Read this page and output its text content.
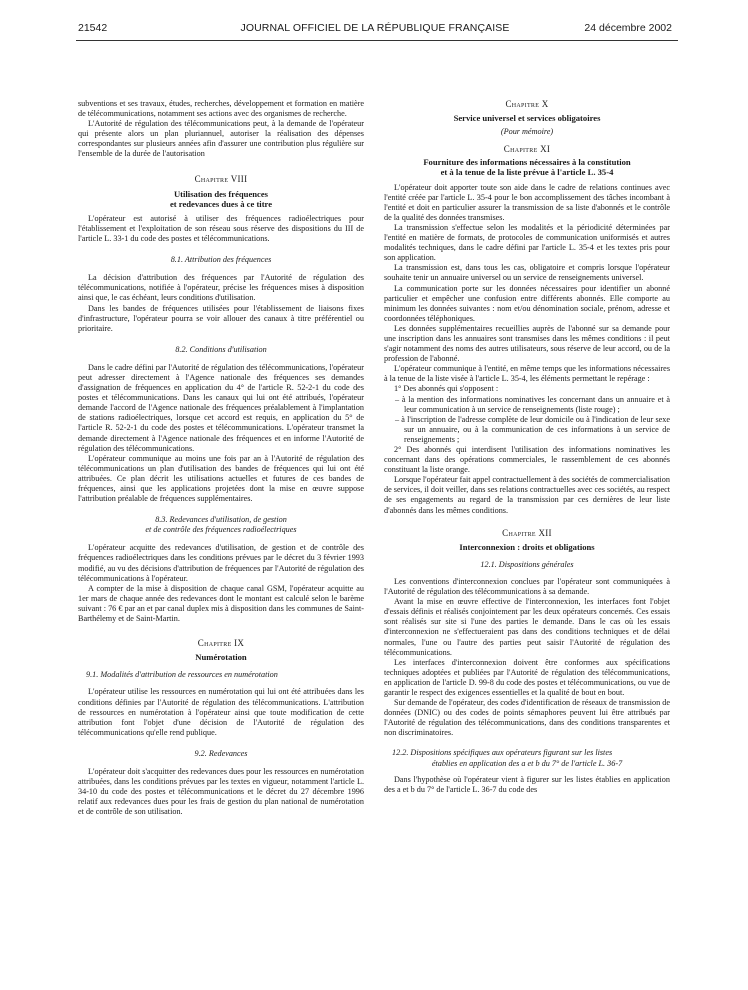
21542	JOURNAL OFFICIEL DE LA RÉPUBLIQUE FRANÇAISE	24 décembre 2002

subventions et ses travaux, études, recherches, développement et formation en matière de télécommunications, notamment ses actions avec des organismes de recherche.

L'Autorité de régulation des télécommunications peut, à la demande de l'opérateur qui présente alors un plan pluriannuel, autoriser la réalisation des dépenses correspondantes sur plusieurs années afin d'assurer une contribution plus régulière sur l'ensemble de la durée de l'autorisation

Chapitre VIII

Utilisation des fréquences

et redevances dues à ce titre

L'opérateur est autorisé à utiliser des fréquences radioélectriques pour l'établissement et l'exploitation de son réseau sous réserve des dispositions du III de l'article L. 33-1 du code des postes et télécommunications.

8.1. Attribution des fréquences

La décision d'attribution des fréquences par l'Autorité de régulation des télécommunications, notifiée à l'opérateur, précise les fréquences mises à disposition ainsi que, le cas échéant, leurs conditions d'utilisation.

Dans les bandes de fréquences utilisées pour l'établissement de liaisons fixes d'infrastructure, l'opérateur pourra se voir allouer des canaux à titre préférentiel ou prioritaire.

8.2. Conditions d'utilisation

Dans le cadre défini par l'Autorité de régulation des télécommunications, l'opérateur peut adresser directement à l'Agence nationale des fréquences ses demandes d'assignation de fréquences en application du 4° de l'article R. 52-2-1 du code des postes et télécommunications. Dans les canaux qui lui ont été attribués, l'opérateur demande l'accord de l'Agence nationale des fréquences préalablement à l'implantation de stations radioélectriques, lorsque cet accord est requis, en application du 5° de l'article R. 52-2-1 du code des postes et télécommunications. L'opérateur transmet la demande directement à l'Agence nationale des fréquences et en informe l'Autorité de régulation des télécommunications.

L'opérateur communique au moins une fois par an à l'Autorité de régulation des télécommunications un plan d'utilisation des bandes de fréquences qui lui ont été attribuées. Ce plan décrit les utilisations actuelles et futures de ces bandes de fréquences, ainsi que les applications projetées dont la mise en œuvre suppose l'attribution préalable de fréquences supplémentaires.

8.3. Redevances d'utilisation, de gestion

et de contrôle des fréquences radioélectriques

L'opérateur acquitte des redevances d'utilisation, de gestion et de contrôle des fréquences radioélectriques dans les conditions prévues par le décret du 3 février 1993 modifié, au vu des décisions d'attribution de fréquences par l'Autorité de régulation des télécommunications à l'opérateur.

A compter de la mise à disposition de chaque canal GSM, l'opérateur acquitte au 1er mars de chaque année des redevances dont le montant est calculé selon le barème suivant : 76 € par an et par canal duplex mis à disposition dans les communes de Saint-Barthélemy et de Saint-Martin.

Chapitre IX

Numérotation

9.1. Modalités d'attribution de ressources en numérotation

L'opérateur utilise les ressources en numérotation qui lui ont été attribuées dans les conditions définies par l'Autorité de régulation des télécommunications. L'attribution de ressources en numérotation à l'opérateur ainsi que toute modification de cette attribution font l'objet d'une décision de l'Autorité de régulation des télécommunications qu'elle rend publique.

9.2. Redevances

L'opérateur doit s'acquitter des redevances dues pour les ressources en numérotation attribuées, dans les conditions prévues par les textes en vigueur, notamment l'article L. 34-10 du code des postes et télécommunications et le décret du 27 décembre 1996 relatif aux redevances dues pour les frais de gestion du plan national de numérotation et de contrôle de son utilisation.

Chapitre X

Service universel et services obligatoires

(Pour mémoire)

Chapitre XI

Fourniture des informations nécessaires à la constitution

et à la tenue de la liste prévue à l'article L. 35-4

L'opérateur doit apporter toute son aide dans le cadre de relations continues avec l'entité créée par l'article L. 35-4 pour le bon accomplissement des tâches incombant à l'entité et doit en particulier assurer la transmission de sa liste d'abonnés et le contrôle de la qualité des données transmises.

La transmission s'effectue selon les modalités et la périodicité déterminées par l'entité en matière de formats, de protocoles de communication uniformisés et autres modalités techniques, dans le cadre défini par l'article L. 35-4 et les textes pris pour son application.

La transmission est, dans tous les cas, obligatoire et compris lorsque l'opérateur souhaite tenir un annuaire universel ou un service de renseignements universel.

La communication porte sur les données nécessaires pour identifier un abonné particulier et empêcher une confusion entre différents abonnés. Elle comporte au minimum les données suivantes : nom et/ou dénomination sociale, prénom, adresse et coordonnées téléphoniques.

Les données supplémentaires recueillies auprès de l'abonné sur sa demande pour une inscription dans les annuaires sont transmises dans les mêmes conditions : il peut s'agir notamment des noms des autres utilisateurs, sous réserve de leur accord, ou de la profession de l'abonné.

L'opérateur communique à l'entité, en même temps que les informations nécessaires à la tenue de la liste visée à l'article L. 35-4, les éléments permettant le repérage :

1° Des abonnés qui s'opposent :

– à la mention des informations nominatives les concernant dans un annuaire et à leur communication à un service de renseignements (liste rouge) ;

– à l'inscription de l'adresse complète de leur domicile ou à l'indication de leur sexe sur un annuaire, ou à la communication de ces informations à un service de renseignements ;

2° Des abonnés qui interdisent l'utilisation des informations nominatives les concernant dans des opérations commerciales, le rassemblement de ces abonnés constituant la liste orange.

Lorsque l'opérateur fait appel contractuellement à des sociétés de commercialisation de services, il doit veiller, dans ses relations contractuelles avec ces sociétés, au respect de ses engagements au regard de la transmission par ces dernières de leur liste d'abonnés dans les mêmes conditions.

Chapitre XII

Interconnexion : droits et obligations

12.1. Dispositions générales

Les conventions d'interconnexion conclues par l'opérateur sont communiquées à l'Autorité de régulation des télécommunications à sa demande.

Avant la mise en œuvre effective de l'interconnexion, les interfaces font l'objet d'essais définis et réalisés conjointement par les deux opérateurs concernés. Ces essais sont réalisés sur site si l'une des parties le demande. Dans le cas où les essais d'interconnexion ne s'effectueraient pas dans des conditions techniques et de délai normales, l'une ou l'autre des parties peut saisir l'Autorité de régulation des télécommunications.

Les interfaces d'interconnexion doivent être conformes aux spécifications techniques adoptées et publiées par l'Autorité de régulation des télécommunications, en application de l'article D. 99-8 du code des postes et télécommunications, ou vue de garantir le respect des exigences essentielles et la qualité de bout en bout.

Sur demande de l'opérateur, des codes d'identification de réseaux de transmission de données (DNIC) ou des codes de points sémaphores peuvent lui être attribués par l'Autorité de régulation des télécommunications, dans des conditions transparentes et non discriminatoires.

12.2. Dispositions spécifiques aux opérateurs figurant sur les listes

établies en application des a et b du 7° de l'article L. 36-7

Dans l'hypothèse où l'opérateur vient à figurer sur les listes établies en application des a et b du 7° de l'article L. 36-7 du code des
